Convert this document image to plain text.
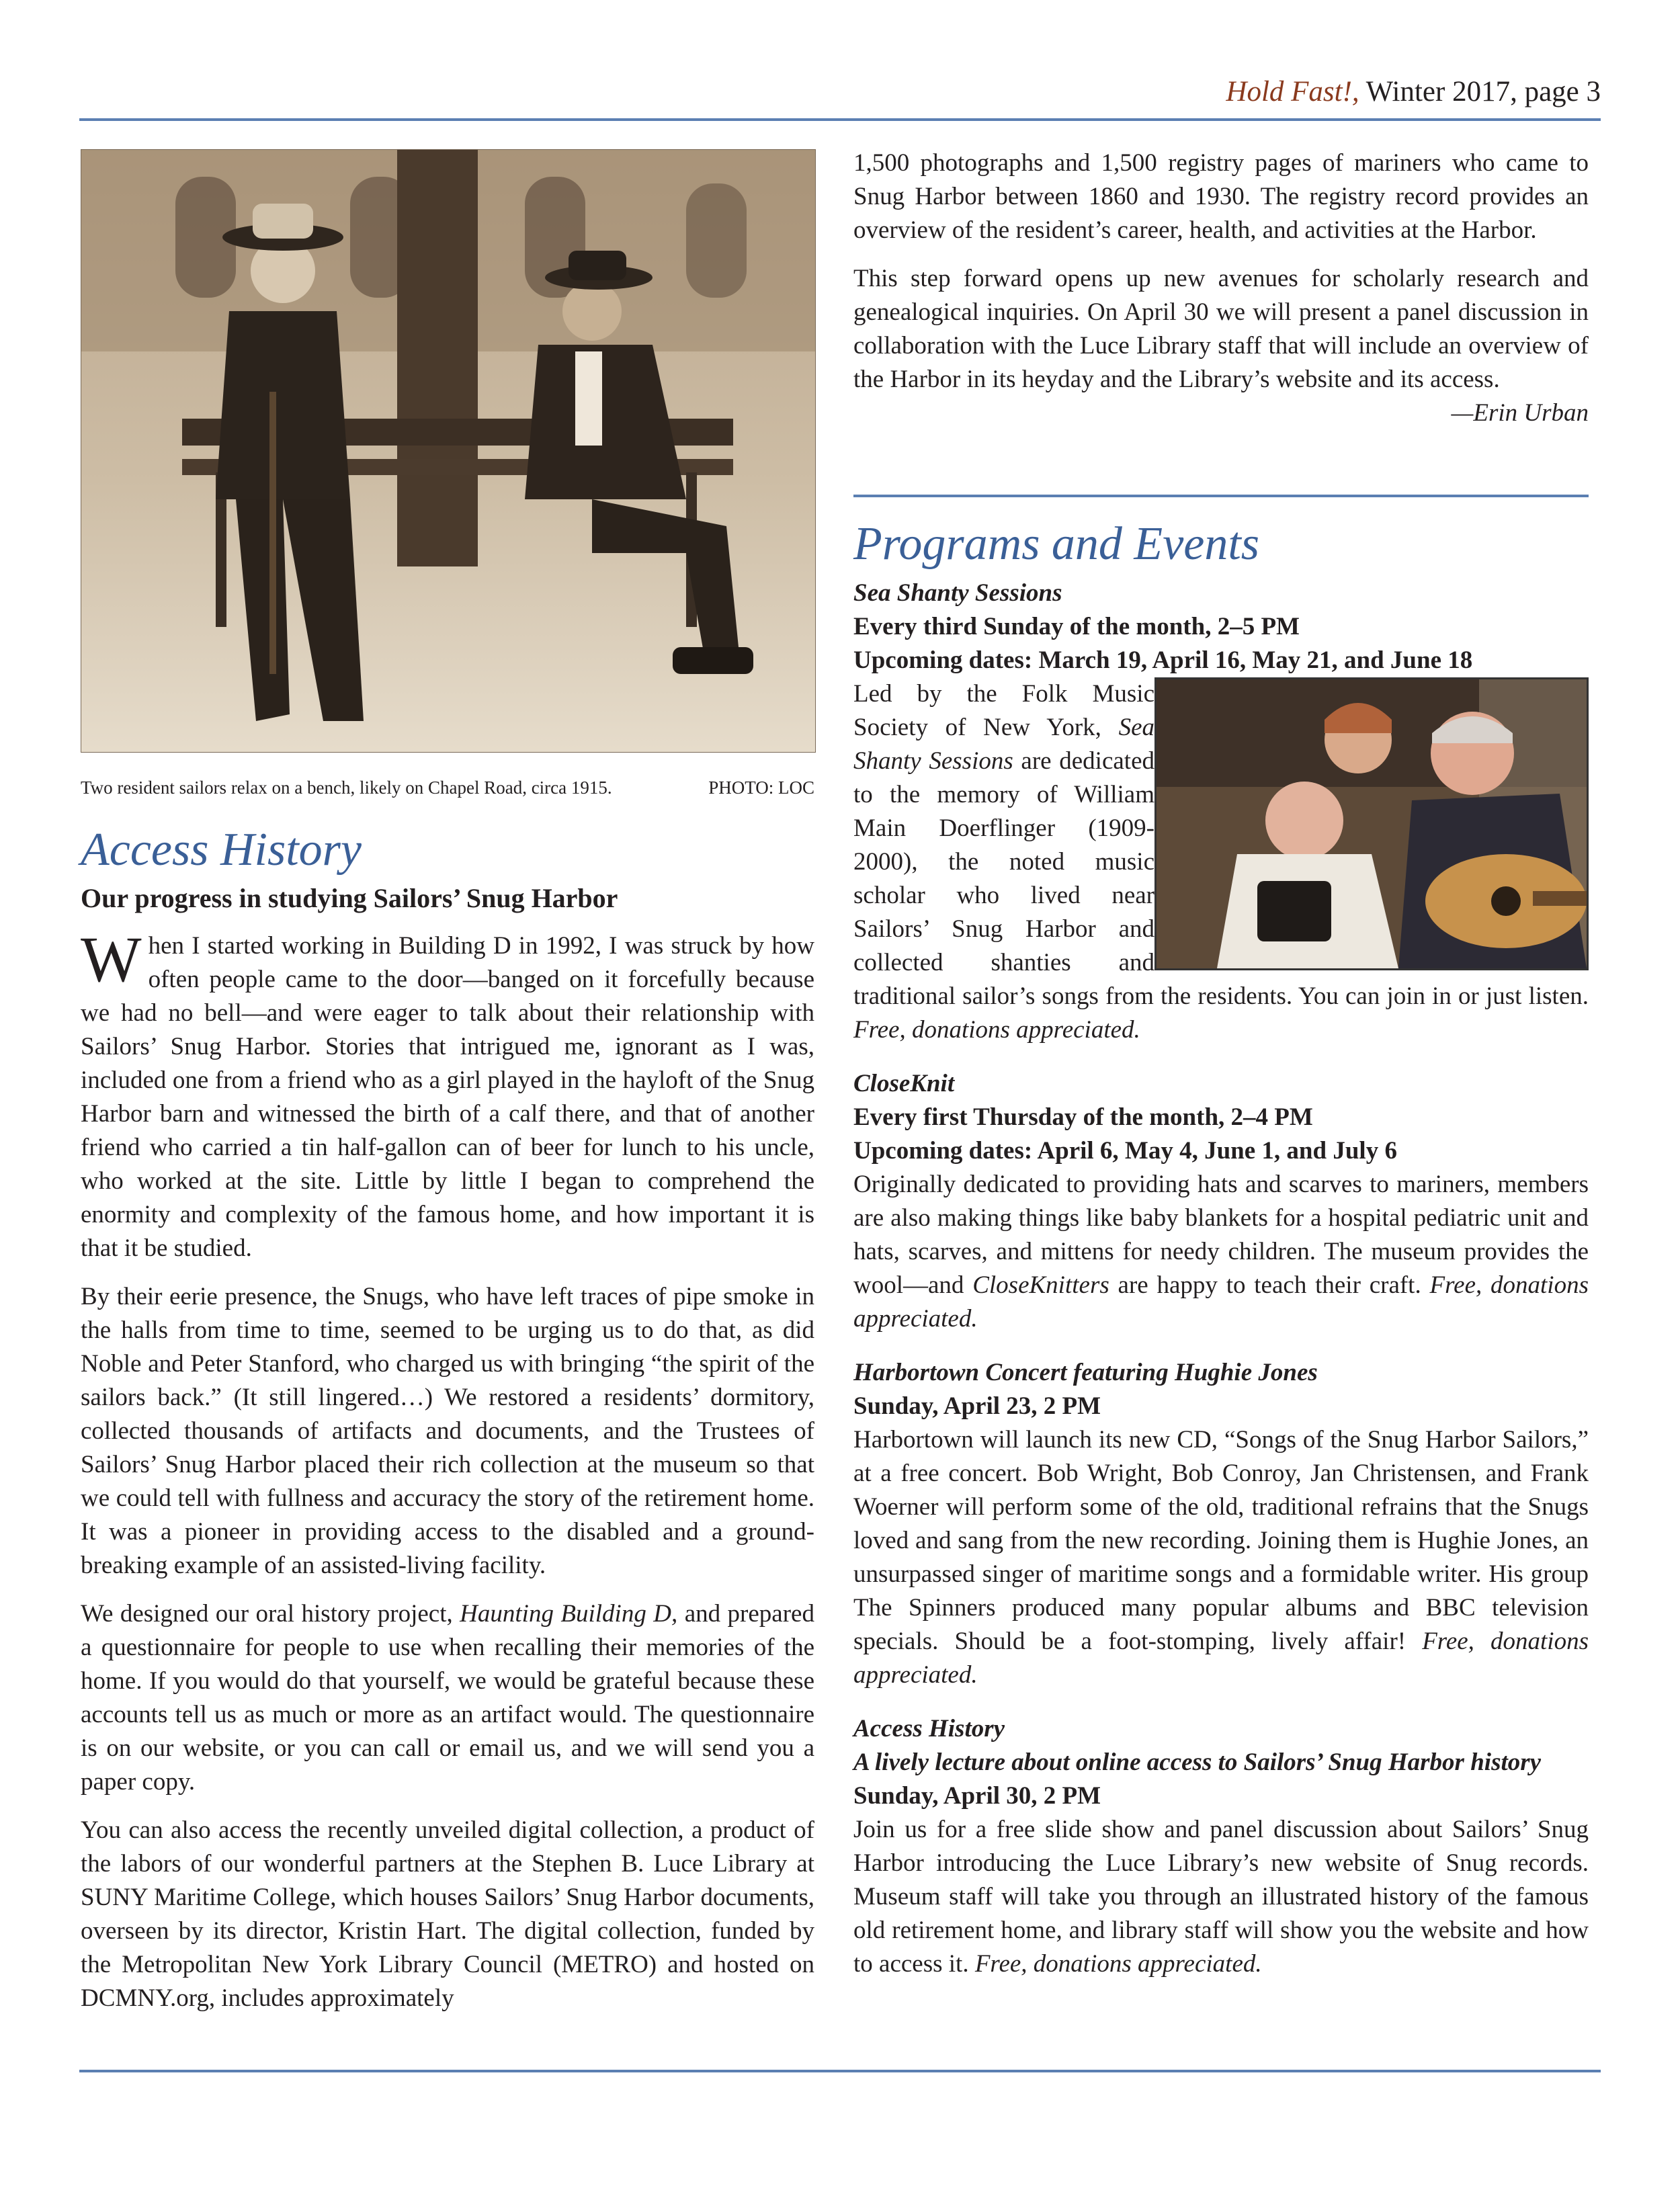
Hold Fast!, Winter 2017, page 3
Two resident sailors relax on a bench, likely on Chapel Road, circa 1915.	PHOTO: LOC
Access History
Our progress in studying Sailors’ Snug Harbor

When I started working in Building D in 1992, I was struck by how often people came to the door—banged on it forcefully because we had no bell—and were eager to talk about their relationship with Sailors’ Snug Harbor. Stories that intrigued me, ignorant as I was, included one from a friend who as a girl played in the hayloft of the Snug Harbor barn and witnessed the birth of a calf there, and that of another friend who carried a tin half-gallon can of beer for lunch to his uncle, who worked at the site. Little by little I began to comprehend the enormity and complexity of the famous home, and how important it is that it be studied.

By their eerie presence, the Snugs, who have left traces of pipe smoke in the halls from time to time, seemed to be urging us to do that, as did Noble and Peter Stanford, who charged us with bringing “the spirit of the sailors back.” (It still lingered…) We restored a residents’ dormitory, collected thousands of artifacts and documents, and the Trustees of Sailors’ Snug Harbor placed their rich collection at the museum so that we could tell with fullness and accuracy the story of the retirement home. It was a pioneer in providing access to the disabled and a ground-breaking example of an assisted-living facility.

We designed our oral history project, Haunting Building D, and prepared a questionnaire for people to use when recalling their memories of the home. If you would do that yourself, we would be grateful because these accounts tell us as much or more as an artifact would. The questionnaire is on our website, or you can call or email us, and we will send you a paper copy.

You can also access the recently unveiled digital collection, a product of the labors of our wonderful partners at the Stephen B. Luce Library at SUNY Maritime College, which houses Sailors’ Snug Harbor documents, overseen by its director, Kristin Hart. The digital collection, funded by the Metropolitan New York Library Council (METRO) and hosted on DCMNY.org, includes approximately

1,500 photographs and 1,500 registry pages of mariners who came to Snug Harbor between 1860 and 1930. The registry record provides an overview of the resident’s career, health, and activities at the Harbor.

This step forward opens up new avenues for scholarly research and genealogical inquiries. On April 30 we will present a panel discussion in collaboration with the Luce Library staff that will include an overview of the Harbor in its heyday and the Library’s website and its access.

—Erin Urban
Programs and Events
Sea Shanty Sessions
Every third Sunday of the month, 2–5 PM
Upcoming dates: March 19, April 16, May 21, and June 18
Led by the Folk Music Society of New York, Sea Shanty Sessions are dedicated to the memory of William Main Doerflinger (1909-2000), the noted music scholar who lived near Sailors’ Snug Harbor and collected shanties and traditional sailor’s songs from the residents. You can join in or just listen. Free, donations appreciated.
CloseKnit
Every first Thursday of the month, 2–4 PM
Upcoming dates: April 6, May 4, June 1, and July 6
Originally dedicated to providing hats and scarves to mariners, members are also making things like baby blankets for a hospital pediatric unit and hats, scarves, and mittens for needy children. The museum provides the wool—and CloseKnitters are happy to teach their craft. Free, donations appreciated.
Harbortown Concert featuring Hughie Jones
Sunday, April 23, 2 PM
Harbortown will launch its new CD, “Songs of the Snug Harbor Sailors,” at a free concert. Bob Wright, Bob Conroy, Jan Christensen, and Frank Woerner will perform some of the old, traditional refrains that the Snugs loved and sang from the new recording. Joining them is Hughie Jones, an unsurpassed singer of maritime songs and a formidable writer. His group The Spinners produced many popular albums and BBC television specials. Should be a foot-stomping, lively affair! Free, donations appreciated.
Access History
A lively lecture about online access to Sailors’ Snug Harbor history
Sunday, April 30, 2 PM
Join us for a free slide show and panel discussion about Sailors’ Snug Harbor introducing the Luce Library’s new website of Snug records. Museum staff will take you through an illustrated history of the famous old retirement home, and library staff will show you the website and how to access it. Free, donations appreciated.
